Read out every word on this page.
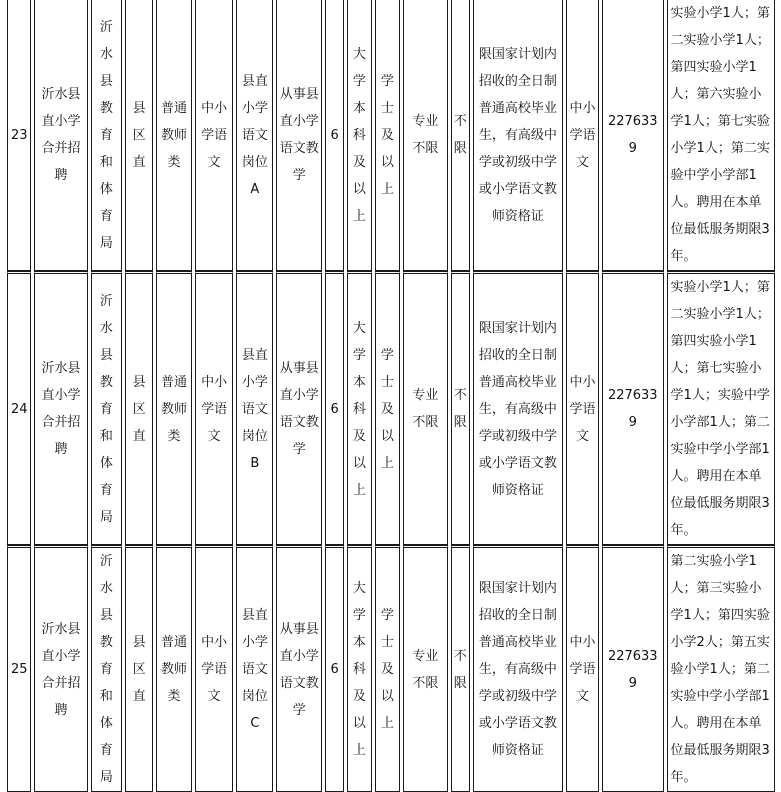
23	沂水县直小学合并招聘	沂水县教育和体育局	县区直	普通教师类	中小学语文	县直小学语文岗位A	从事县直小学语文教学	6	大学本科及以上	学士及以上	专业不限	不限	限国家计划内招收的全日制普通高校毕业生，有高级中学或初级中学或小学语文教师资格证	中小学语文	2276339	实验小学1人；第二实验小学1人；第四实验小学1人；第六实验小学1人；第七实验小学1人；第二实验中学小学部1人。聘用在本单位最低服务期限3年。
24	沂水县直小学合并招聘	沂水县教育和体育局	县区直	普通教师类	中小学语文	县直小学语文岗位B	从事县直小学语文教学	6	大学本科及以上	学士及以上	专业不限	不限	限国家计划内招收的全日制普通高校毕业生，有高级中学或初级中学或小学语文教师资格证	中小学语文	2276339	实验小学1人；第二实验小学1人；第四实验小学1人；第七实验小学1人；实验中学小学部1人；第二实验中学小学部1人。聘用在本单位最低服务期限3年。
25	沂水县直小学合并招聘	沂水县教育和体育局	县区直	普通教师类	中小学语文	县直小学语文岗位C	从事县直小学语文教学	6	大学本科及以上	学士及以上	专业不限	不限	限国家计划内招收的全日制普通高校毕业生，有高级中学或初级中学或小学语文教师资格证	中小学语文	2276339	第二实验小学1人；第三实验小学1人；第四实验小学2人；第五实验小学1人；第二实验中学小学部1人。聘用在本单位最低服务期限3年。
